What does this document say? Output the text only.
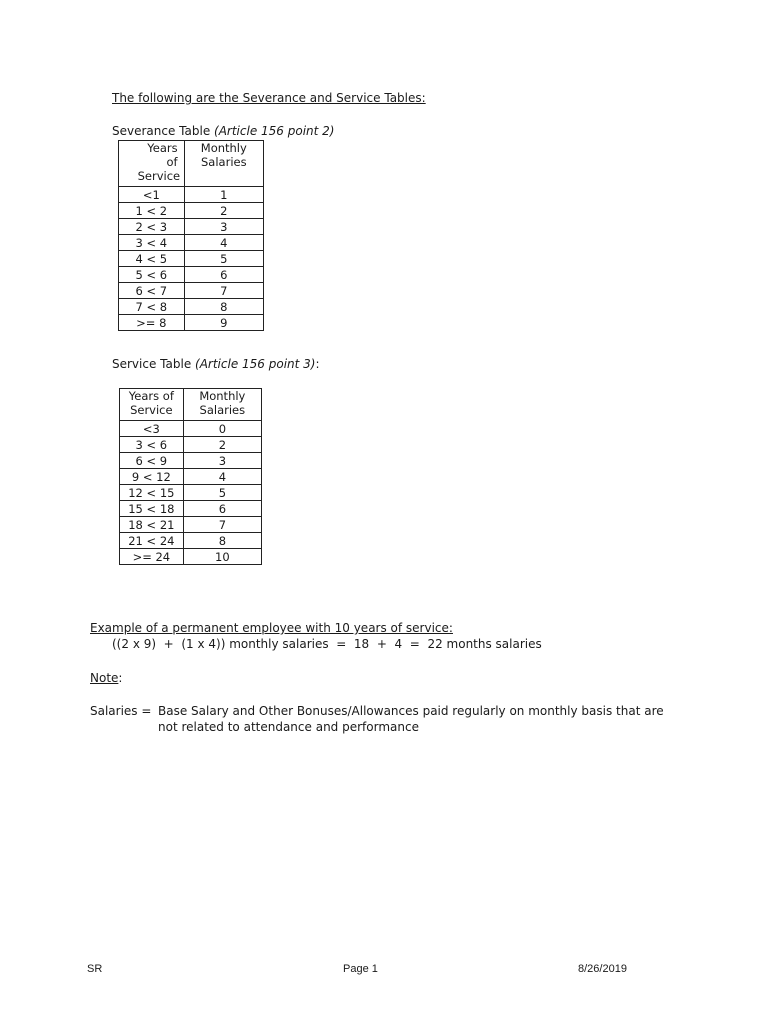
The following are the Severance and Service Tables:
Severance Table (Article 156 point 2)
Years of Service	Monthly Salaries

<1	1
1 < 2	2
2 < 3	3
3 < 4	4
4 < 5	5
5 < 6	6
6 < 7	7
7 < 8	8
>= 8	9
Service Table (Article 156 point 3):
Years of Service	Monthly Salaries

<3	0
3 < 6	2
6 < 9	3
9 < 12	4
12 < 15	5
15 < 18	6
18 < 21	7
21 < 24	8
>= 24	10
Example of a permanent employee with 10 years of service:
((2 x 9)  +  (1 x 4)) monthly salaries  =  18  +  4  =  22 months salaries
Note:
Salaries = Base Salary and Other Bonuses/Allowances paid regularly on monthly basis that are
not related to attendance and performance
SR	Page 1	8/26/2019
